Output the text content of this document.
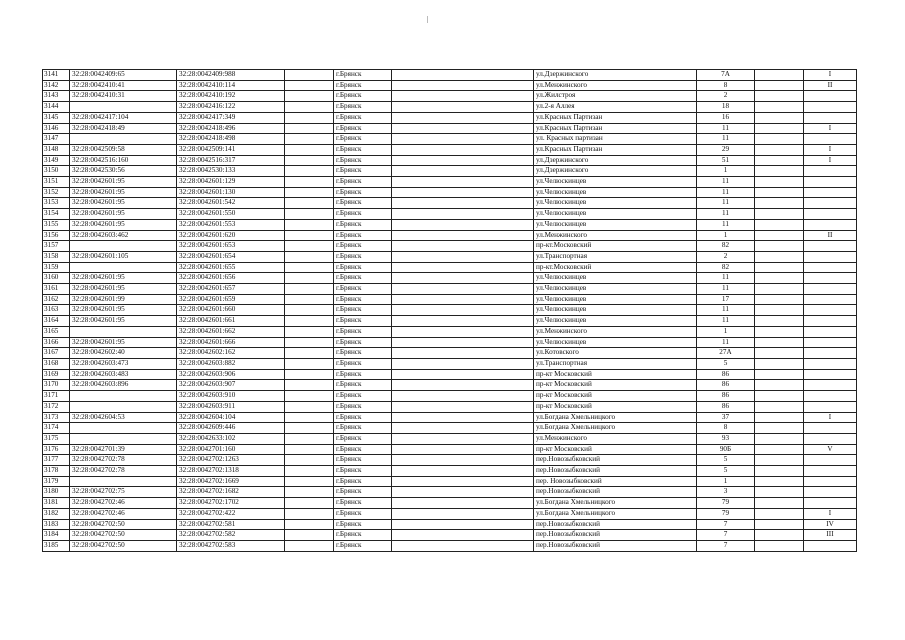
3141	32:28:0042409:65	32:28:0042409:988		г.Брянск		ул.Дзержинского	7А		I
3142	32:28:0042410:41	32:28:0042410:114		г.Брянск		ул.Менжинского	8		II
3143	32:28:0042410:31	32:28:0042410:192		г.Брянск		ул.Жилстроя	2		
3144		32:28:0042416:122		г.Брянск		ул.2-я Аллея	18		
3145	32:28:0042417:104	32:28:0042417:349		г.Брянск		ул.Красных Партизан	16		
3146	32:28:0042418:49	32:28:0042418:496		г.Брянск		ул.Красных Партизан	11		I
3147		32:28:0042418:498		г.Брянск		ул. Красных партизан	11		
3148	32:28:0042509:58	32:28:0042509:141		г.Брянск		ул.Красных Партизан	29		I
3149	32:28:0042516:160	32:28:0042516:317		г.Брянск		ул.Дзержинского	51		I
3150	32:28:0042530:56	32:28:0042530:133		г.Брянск		ул.Дзержинского	1		
3151	32:28:0042601:95	32:28:0042601:129		г.Брянск		ул.Челюскинцев	11		
3152	32:28:0042601:95	32:28:0042601:130		г.Брянск		ул.Челюскинцев	11		
3153	32:28:0042601:95	32:28:0042601:542		г.Брянск		ул.Челюскинцев	11		
3154	32:28:0042601:95	32:28:0042601:550		г.Брянск		ул.Челюскинцев	11		
3155	32:28:0042601:95	32:28:0042601:553		г.Брянск		ул.Челюскинцев	11		
3156	32:28:0042603:462	32:28:0042601:620		г.Брянск		ул.Менжинского	1		II
3157		32:28:0042601:653		г.Брянск		пр-кт.Московский	82		
3158	32:28:0042601:105	32:28:0042601:654		г.Брянск		ул.Транспортная	2		
3159		32:28:0042601:655		г.Брянск		пр-кт.Московский	82		
3160	32:28:0042601:95	32:28:0042601:656		г.Брянск		ул.Челюскинцев	11		
3161	32:28:0042601:95	32:28:0042601:657		г.Брянск		ул.Челюскинцев	11		
3162	32:28:0042601:99	32:28:0042601:659		г.Брянск		ул.Челюскинцев	17		
3163	32:28:0042601:95	32:28:0042601:660		г.Брянск		ул.Челюскинцев	11		
3164	32:28:0042601:95	32:28:0042601:661		г.Брянск		ул.Челюскинцев	11		
3165		32:28:0042601:662		г.Брянск		ул.Менжинского	1		
3166	32:28:0042601:95	32:28:0042601:666		г.Брянск		ул.Челюскинцев	11		
3167	32:28:0042602:40	32:28:0042602:162		г.Брянск		ул.Котовского	27А		
3168	32:28:0042603:473	32:28:0042603:882		г.Брянск		ул.Транспортная	5		
3169	32:28:0042603:483	32:28:0042603:906		г.Брянск		пр-кт Московский	86		
3170	32:28:0042603:896	32:28:0042603:907		г.Брянск		пр-кт Московский	86		
3171		32:28:0042603:910		г.Брянск		пр-кт Московский	86		
3172		32:28:0042603:911		г.Брянск		пр-кт Московский	86		
3173	32:28:0042604:53	32:28:0042604:104		г.Брянск		ул.Богдана Хмельницкого	37		I
3174		32:28:0042609:446		г.Брянск		ул.Богдана Хмельницкого	8		
3175		32:28:0042633:102		г.Брянск		ул.Менжинского	93		
3176	32:28:0042701:39	32:28:0042701:160		г.Брянск		пр-кт Московский	90Б		V
3177	32:28:0042702:78	32:28:0042702:1263		г.Брянск		пер.Новозыбковский	5		
3178	32:28:0042702:78	32:28:0042702:1318		г.Брянск		пер.Новозыбковский	5		
3179		32:28:0042702:1669		г.Брянск		пер. Новозыбковский	1		
3180	32:28:0042702:75	32:28:0042702:1682		г.Брянск		пер.Новозыбковский	3		
3181	32:28:0042702:46	32:28:0042702:1702		г.Брянск		ул.Богдана Хмельницкого	79		
3182	32:28:0042702:46	32:28:0042702:422		г.Брянск		ул.Богдана Хмельницкого	79		I
3183	32:28:0042702:50	32:28:0042702:581		г.Брянск		пер.Новозыбковский	7		IV
3184	32:28:0042702:50	32:28:0042702:582		г.Брянск		пер.Новозыбковский	7		III
3185	32:28:0042702:50	32:28:0042702:583		г.Брянск		пер.Новозыбковский	7		
